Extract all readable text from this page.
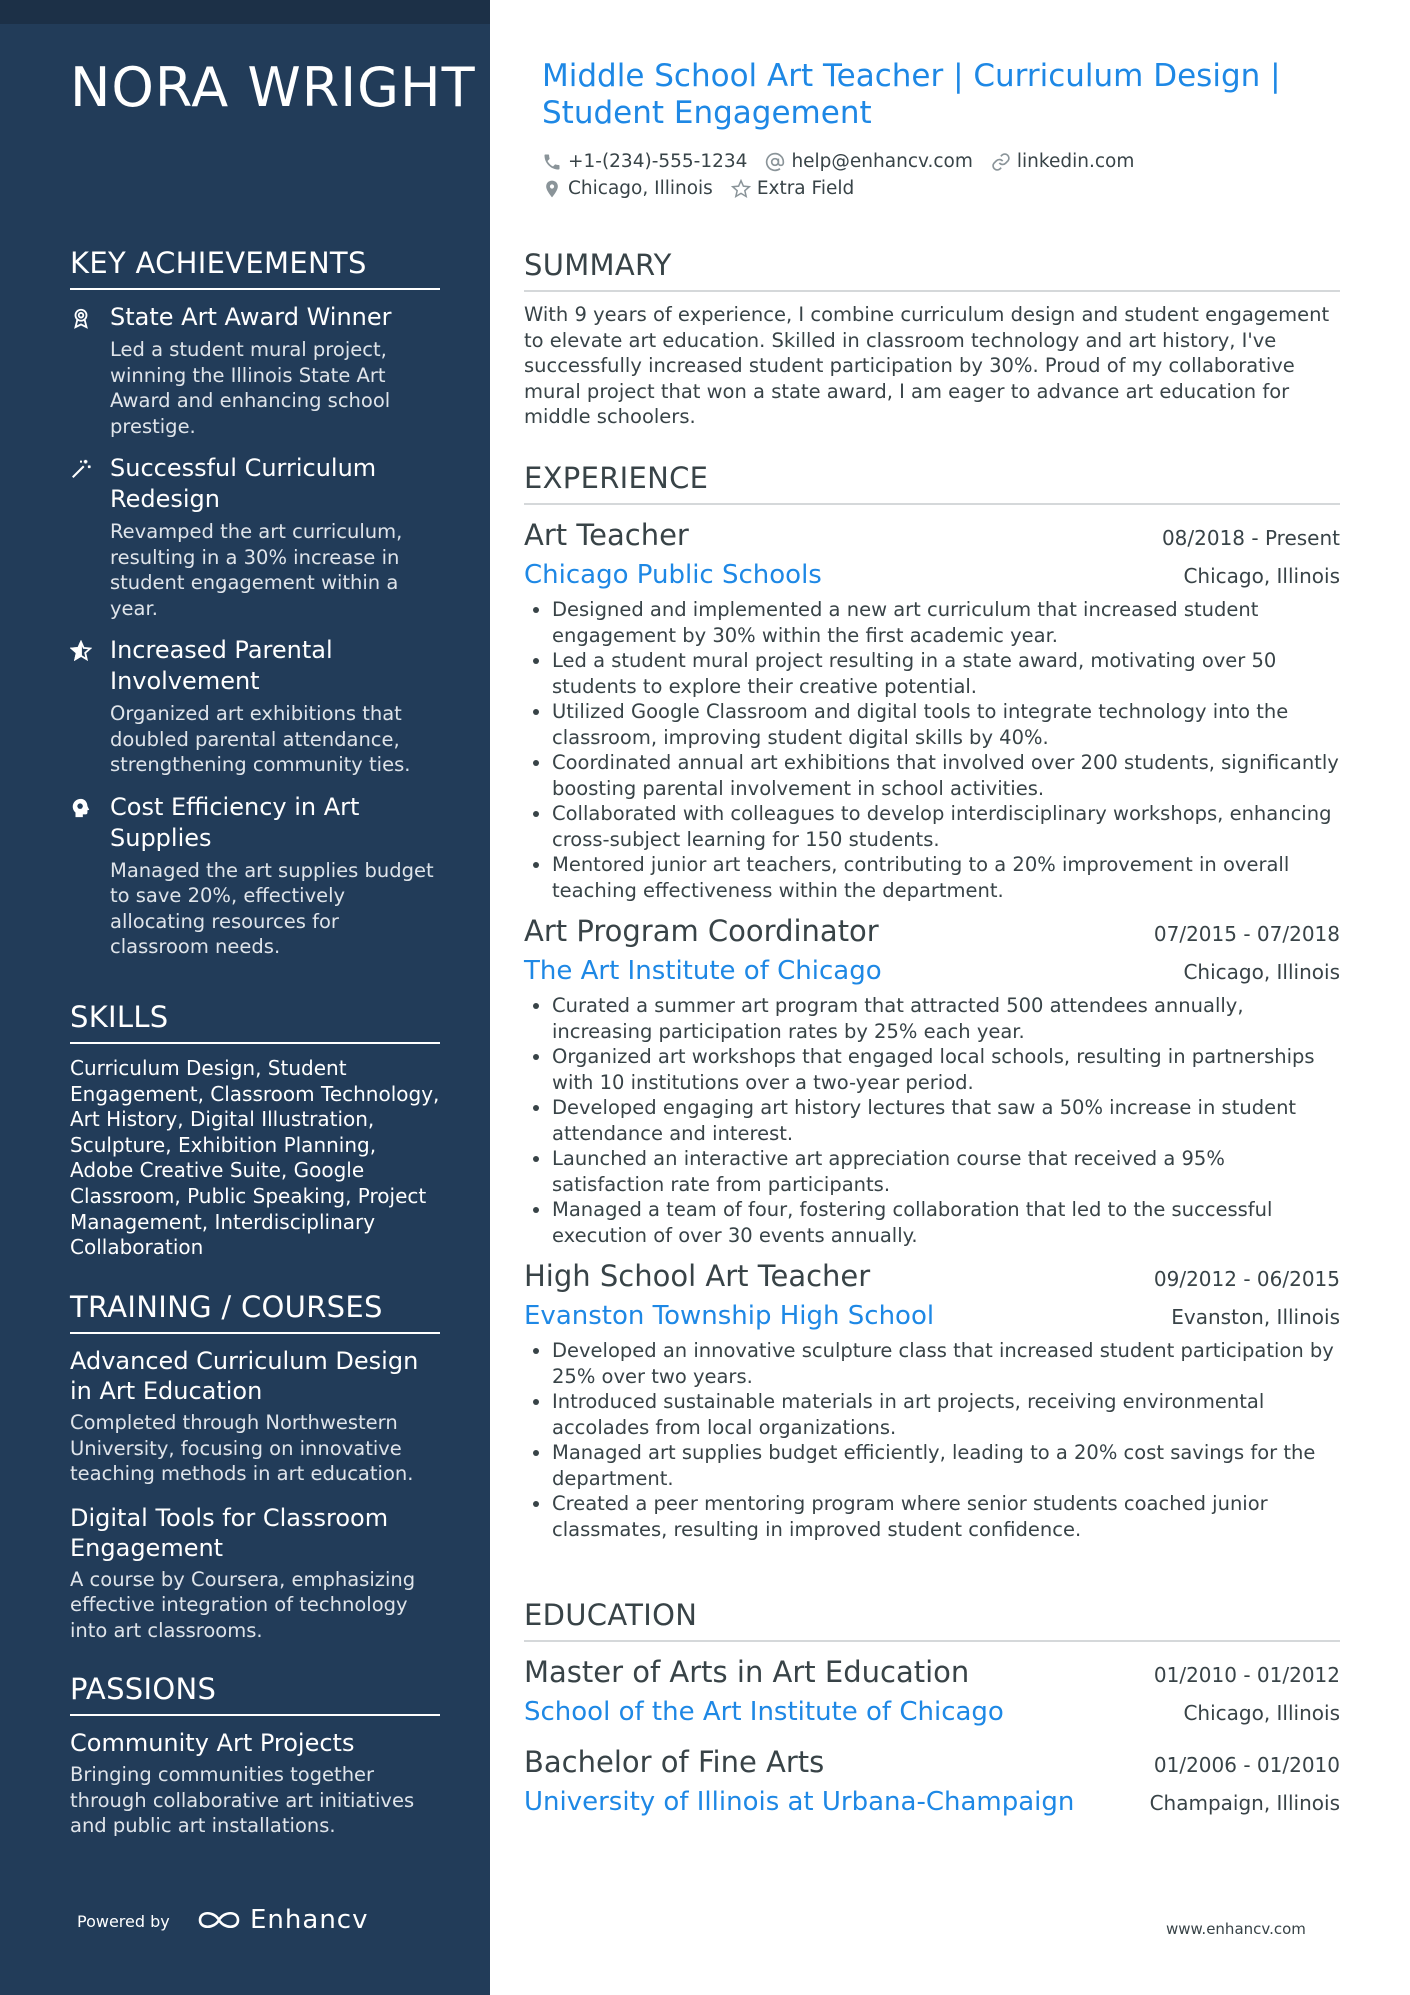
NORA WRIGHT
KEY ACHIEVEMENTS
State Art Award Winner
Led a student mural project, winning the Illinois State Art Award and enhancing school prestige.
Successful Curriculum Redesign
Revamped the art curriculum, resulting in a 30% increase in student engagement within a year.
Increased Parental Involvement
Organized art exhibitions that doubled parental attendance, strengthening community ties.
Cost Efficiency in Art Supplies
Managed the art supplies budget to save 20%, effectively allocating resources for classroom needs.
SKILLS
Curriculum Design, Student Engagement, Classroom Technology, Art History, Digital Illustration, Sculpture, Exhibition Planning, Adobe Creative Suite, Google Classroom, Public Speaking, Project Management, Interdisciplinary Collaboration
TRAINING / COURSES
Advanced Curriculum Design in Art Education
Completed through Northwestern University, focusing on innovative teaching methods in art education.
Digital Tools for Classroom Engagement
A course by Coursera, emphasizing effective integration of technology into art classrooms.
PASSIONS
Community Art Projects
Bringing communities together through collaborative art initiatives and public art installations.
Powered by	Enhancv
Middle School Art Teacher | Curriculum Design | Student Engagement
+1-(234)-555-1234 help@enhancv.com linkedin.com
Chicago, Illinois Extra Field
SUMMARY
With 9 years of experience, I combine curriculum design and student engagement to elevate art education. Skilled in classroom technology and art history, I've successfully increased student participation by 30%. Proud of my collaborative mural project that won a state award, I am eager to advance art education for middle schoolers.
EXPERIENCE
Art Teacher	08/2018 - Present
Chicago Public Schools	Chicago, Illinois
• Designed and implemented a new art curriculum that increased student engagement by 30% within the first academic year.
• Led a student mural project resulting in a state award, motivating over 50 students to explore their creative potential.
• Utilized Google Classroom and digital tools to integrate technology into the classroom, improving student digital skills by 40%.
• Coordinated annual art exhibitions that involved over 200 students, significantly boosting parental involvement in school activities.
• Collaborated with colleagues to develop interdisciplinary workshops, enhancing cross-subject learning for 150 students.
• Mentored junior art teachers, contributing to a 20% improvement in overall teaching effectiveness within the department.
Art Program Coordinator	07/2015 - 07/2018
The Art Institute of Chicago	Chicago, Illinois
• Curated a summer art program that attracted 500 attendees annually, increasing participation rates by 25% each year.
• Organized art workshops that engaged local schools, resulting in partnerships with 10 institutions over a two-year period.
• Developed engaging art history lectures that saw a 50% increase in student attendance and interest.
• Launched an interactive art appreciation course that received a 95% satisfaction rate from participants.
• Managed a team of four, fostering collaboration that led to the successful execution of over 30 events annually.
High School Art Teacher	09/2012 - 06/2015
Evanston Township High School	Evanston, Illinois
• Developed an innovative sculpture class that increased student participation by 25% over two years.
• Introduced sustainable materials in art projects, receiving environmental accolades from local organizations.
• Managed art supplies budget efficiently, leading to a 20% cost savings for the department.
• Created a peer mentoring program where senior students coached junior classmates, resulting in improved student confidence.
EDUCATION
Master of Arts in Art Education	01/2010 - 01/2012
School of the Art Institute of Chicago	Chicago, Illinois
Bachelor of Fine Arts	01/2006 - 01/2010
University of Illinois at Urbana-Champaign	Champaign, Illinois
www.enhancv.com
